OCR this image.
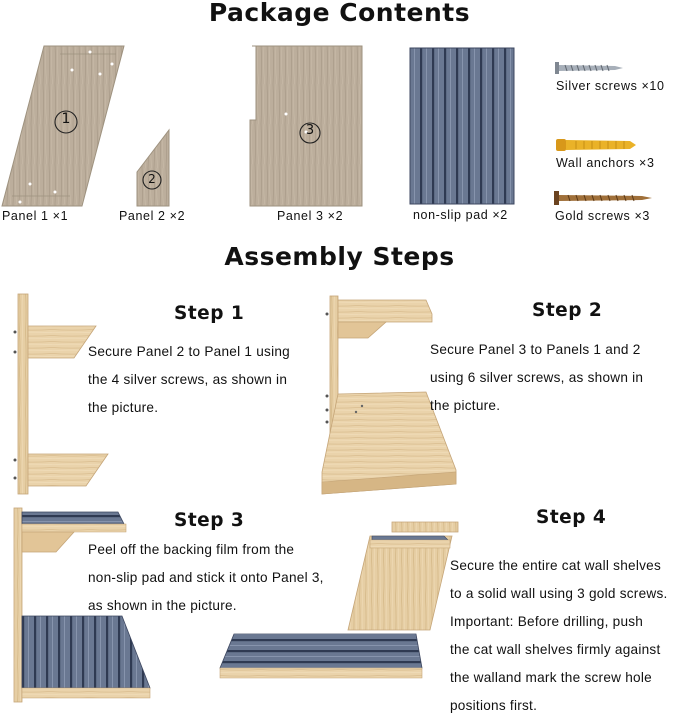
Package Contents
1
2
3
Silver screws ×10
Wall anchors ×3
Gold screws ×3
Panel 1 ×1	Panel 2 ×2	Panel 3 ×2	non-slip pad ×2
Assembly Steps
Step 1
Secure Panel 2 to Panel 1 using
the 4 silver screws, as shown in
the picture.
Step 2
Secure Panel 3 to Panels 1 and 2
using 6 silver screws, as shown in
the picture.
Step 3
Peel off the backing film from the
non-slip pad and stick it onto Panel 3,
as shown in the picture.
Step 4
Secure the entire cat wall shelves
to a solid wall using 3 gold screws.
Important: Before drilling, push
the cat wall shelves firmly against
the walland mark the screw hole
positions first.
